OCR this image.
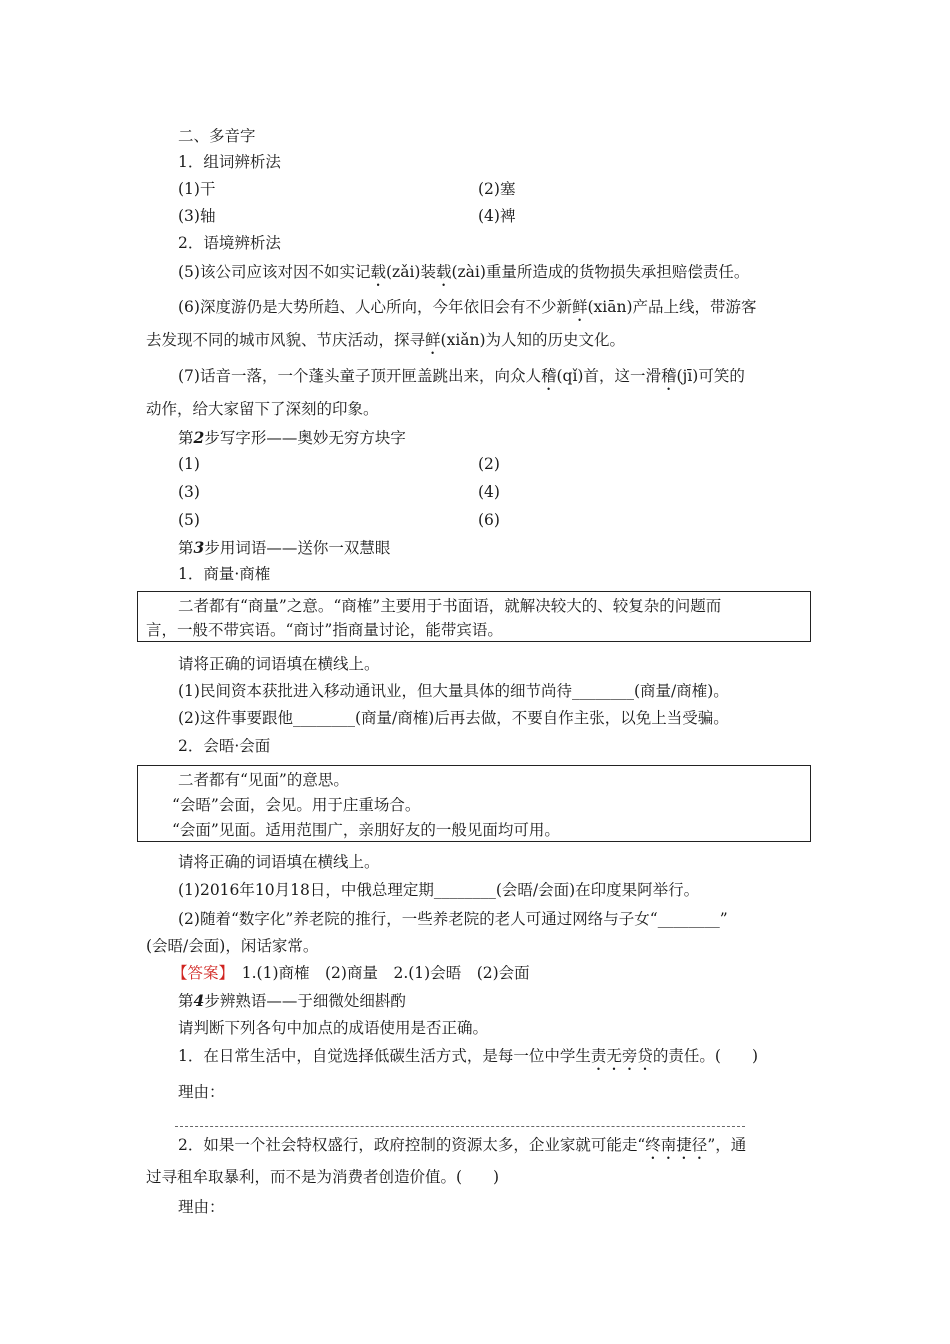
二、多音字
1．组词辨析法
(1)干	(2)塞
(3)轴	(4)裨
2．语境辨析法
(5)该公司应该对因不如实记载(zǎi)装载(zài)重量所造成的货物损失承担赔偿责任。
(6)深度游仍是大势所趋、人心所向，今年依旧会有不少新鲜(xiān)产品上线，带游客
去发现不同的城市风貌、节庆活动，探寻鲜(xiǎn)为人知的历史文化。
(7)话音一落，一个蓬头童子顶开匣盖跳出来，向众人稽(qǐ)首，这一滑稽(jī)可笑的
动作，给大家留下了深刻的印象。
第2步写字形——奥妙无穷方块字
(1)	(2)
(3)	(4)
(5)	(6)
第3步用词语——送你一双慧眼
1．商量·商榷
二者都有“商量”之意。“商榷”主要用于书面语，就解决较大的、较复杂的问题而
言，一般不带宾语。“商讨”指商量讨论，能带宾语。
请将正确的词语填在横线上。
(1)民间资本获批进入移动通讯业，但大量具体的细节尚待________(商量/商榷)。
(2)这件事要跟他________(商量/商榷)后再去做，不要自作主张，以免上当受骗。
2．会晤·会面
二者都有“见面”的意思。
“会晤”会面，会见。用于庄重场合。
“会面”见面。适用范围广，亲朋好友的一般见面均可用。
请将正确的词语填在横线上。
(1)2016年10月18日，中俄总理定期________(会晤/会面)在印度果阿举行。
(2)随着“数字化”养老院的推行，一些养老院的老人可通过网络与子女“________”
(会晤/会面)，闲话家常。
【答案】　1.(1)商榷　(2)商量　2.(1)会晤　(2)会面
第4步辨熟语——于细微处细斟酌
请判断下列各句中加点的成语使用是否正确。
1．在日常生活中，自觉选择低碳生活方式，是每一位中学生责无旁贷的责任。(　　)
理由：
2．如果一个社会特权盛行，政府控制的资源太多，企业家就可能走“终南捷径”，通
过寻租牟取暴利，而不是为消费者创造价值。(　　)
理由：
